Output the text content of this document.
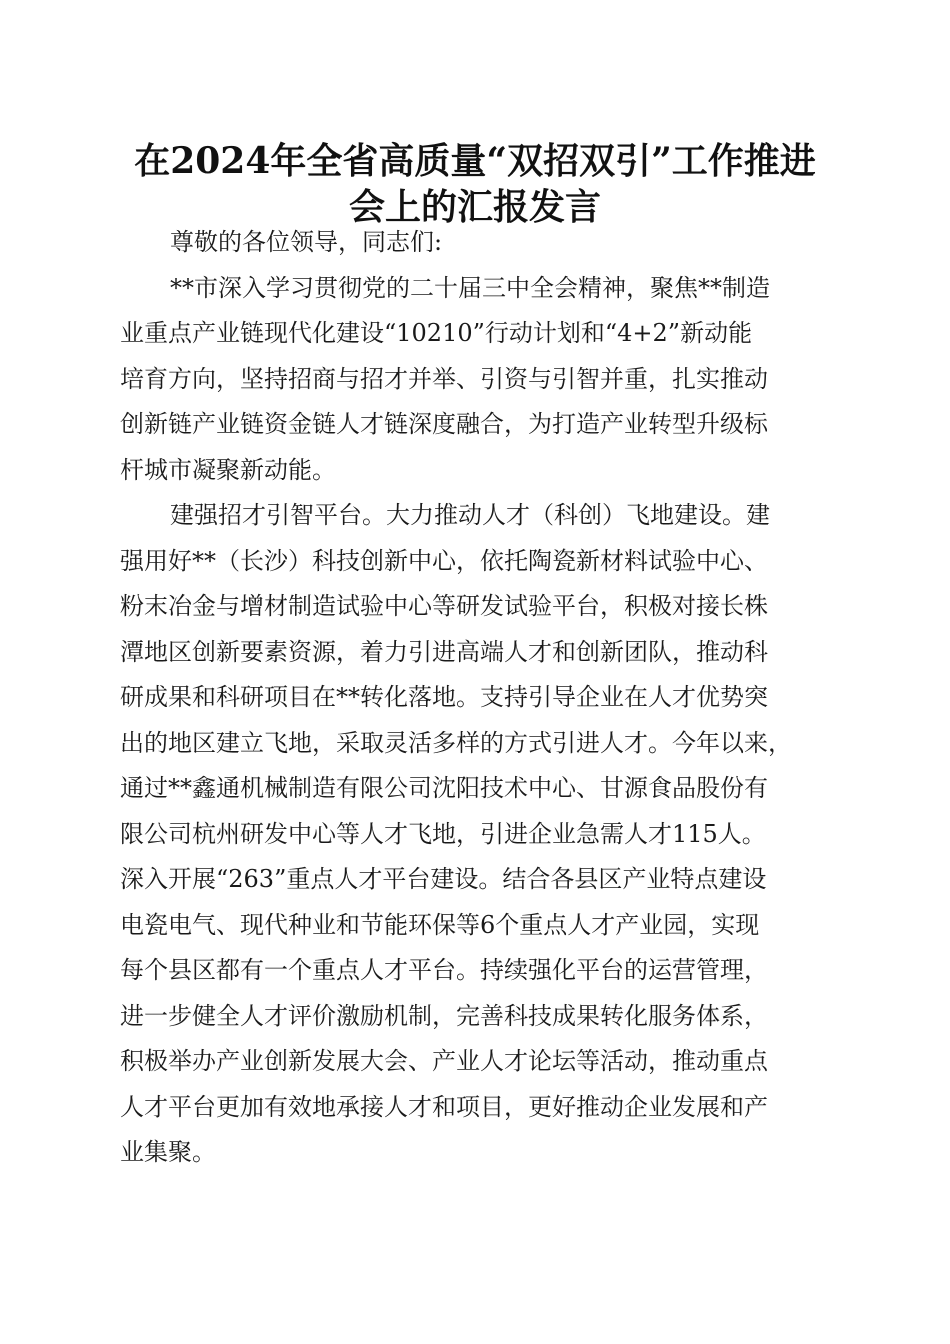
在2024年全省高质量“双招双引”工作推进
会上的汇报发言
尊敬的各位领导，同志们:
**市深入学习贯彻党的二十届三中全会精神，聚焦**制造
业重点产业链现代化建设“10210”行动计划和“4+2”新动能
培育方向，坚持招商与招才并举、引资与引智并重，扎实推动
创新链产业链资金链人才链深度融合，为打造产业转型升级标
杆城市凝聚新动能。
建强招才引智平台。大力推动人才（科创）飞地建设。建
强用好**（长沙）科技创新中心，依托陶瓷新材料试验中心、
粉末冶金与增材制造试验中心等研发试验平台，积极对接长株
潭地区创新要素资源，着力引进高端人才和创新团队，推动科
研成果和科研项目在**转化落地。支持引导企业在人才优势突
出的地区建立飞地，采取灵活多样的方式引进人才。今年以来，
通过**鑫通机械制造有限公司沈阳技术中心、甘源食品股份有
限公司杭州研发中心等人才飞地，引进企业急需人才115人。
深入开展“263”重点人才平台建设。结合各县区产业特点建设
电瓷电气、现代种业和节能环保等6个重点人才产业园，实现
每个县区都有一个重点人才平台。持续强化平台的运营管理，
进一步健全人才评价激励机制，完善科技成果转化服务体系，
积极举办产业创新发展大会、产业人才论坛等活动，推动重点
人才平台更加有效地承接人才和项目，更好推动企业发展和产
业集聚。
